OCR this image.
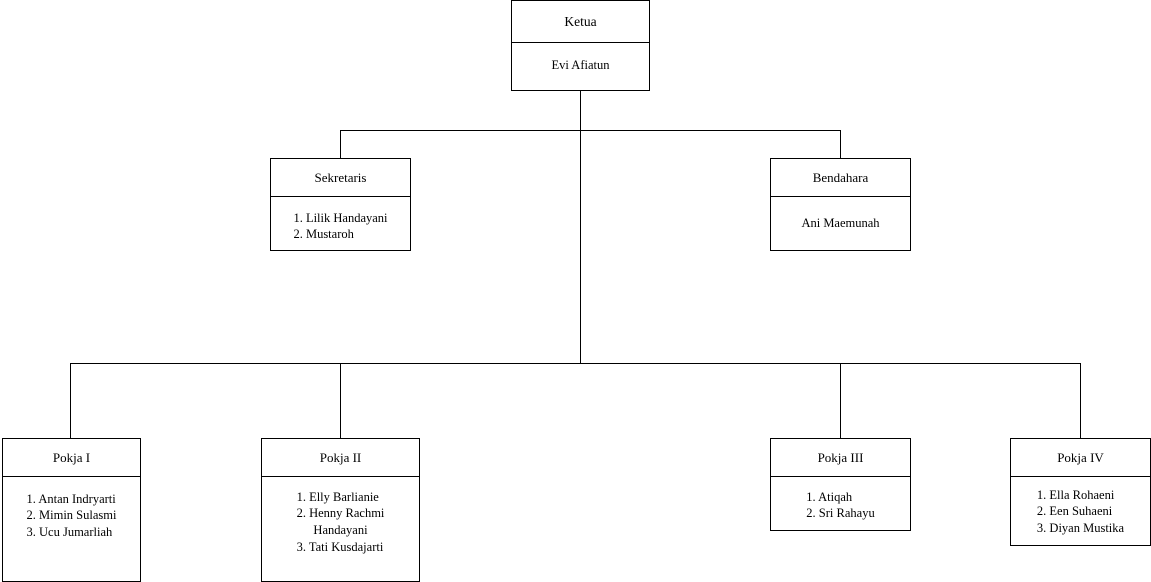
Ketua
Evi Afiatun
Sekretaris
1. Lilik Handayani
2. Mustaroh
Bendahara
Ani Maemunah
Pokja I
1. Antan Indryarti
2. Mimin Sulasmi
3. Ucu Jumarliah
Pokja II
1. Elly Barlianie
2. Henny Rachmi
Handayani
3. Tati Kusdajarti
Pokja III
1. Atiqah
2. Sri Rahayu
Pokja IV
1. Ella Rohaeni
2. Een Suhaeni
3. Diyan Mustika
